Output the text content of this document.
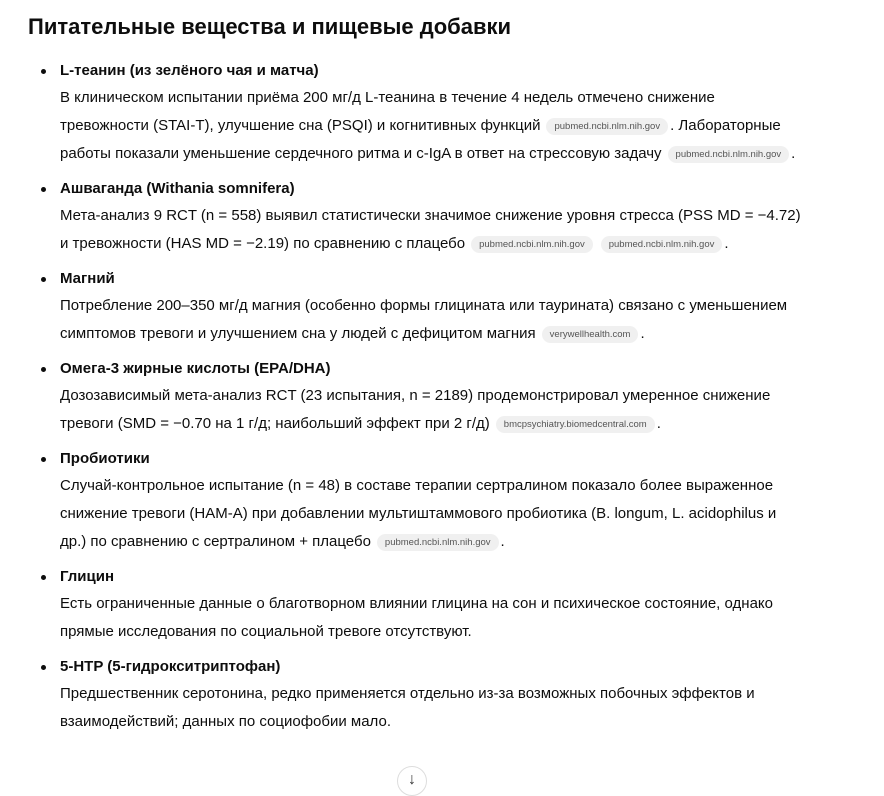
Питательные вещества и пищевые добавки
L-теанин (из зелёного чая и матча)
В клиническом испытании приёма 200 мг/д L-теанина в течение 4 недель отмечено снижение тревожности (STAI-T), улучшение сна (PSQI) и когнитивных функций pubmed.ncbi.nlm.nih.gov . Лабораторные работы показали уменьшение сердечного ритма и с-IgA в ответ на стрессовую задачу pubmed.ncbi.nlm.nih.gov .
Ашваганда (Withania somnifera)
Мета-анализ 9 RCT (n = 558) выявил статистически значимое снижение уровня стресса (PSS MD = −4.72) и тревожности (HAS MD = −2.19) по сравнению с плацебо pubmed.ncbi.nlm.nih.gov	pubmed.ncbi.nlm.nih.gov .
Магний
Потребление 200–350 мг/д магния (особенно формы глицината или таурината) связано с уменьшением симптомов тревоги и улучшением сна у людей с дефицитом магния verywellhealth.com .
Омега-3 жирные кислоты (EPA/DHA)
Дозозависимый мета-анализ RCT (23 испытания, n = 2189) продемонстрировал умеренное снижение тревоги (SMD = −0.70 на 1 г/д; наибольший эффект при 2 г/д) bmcpsychiatry.biomedcentral.com .
Пробиотики
Случай-контрольное испытание (n = 48) в составе терапии сертралином показало более выраженное снижение тревоги (HAM-A) при добавлении мультиштаммового пробиотика (B. longum, L. acidophilus и др.) по сравнению с сертралином + плацебо pubmed.ncbi.nlm.nih.gov .
Глицин
Есть ограниченные данные о благотворном влиянии глицина на сон и психическое состояние, однако прямые исследования по социальной тревоге отсутствуют.
5-HTP (5-гидрокситриптофан)
Предшественник серотонина, редко применяется отдельно из-за возможных побочных эффектов и взаимодействий; данных по социофобии мало.
↓
